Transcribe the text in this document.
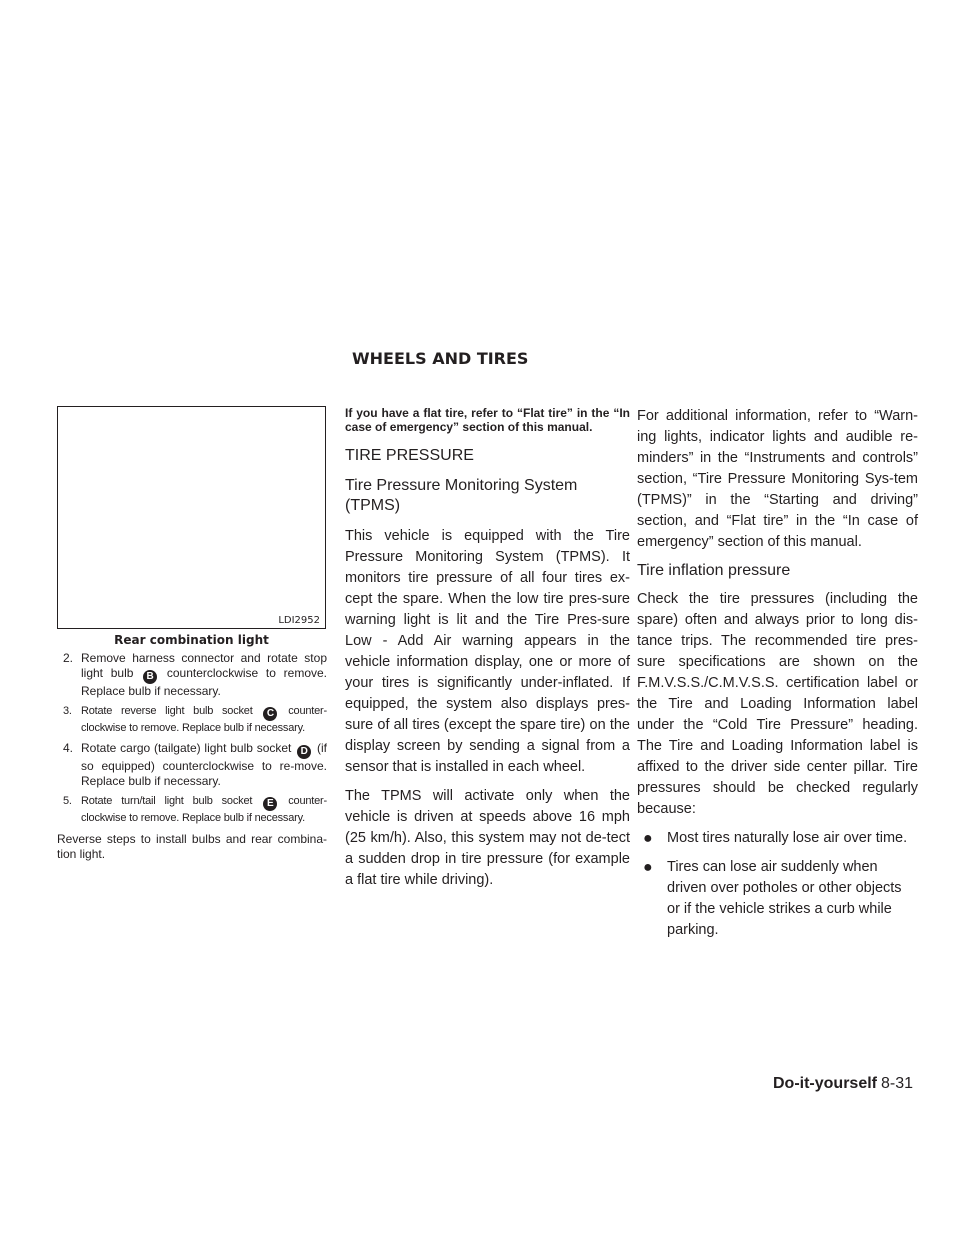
WHEELS AND TIRES
LDI2952
Rear combination light
2. Remove harness connector and rotate stop light bulb B counterclockwise to remove. Replace bulb if necessary.
3. Rotate reverse light bulb socket C counter-clockwise to remove. Replace bulb if necessary.
4. Rotate cargo (tailgate) light bulb socket D (if so equipped) counterclockwise to re-move. Replace bulb if necessary.
5. Rotate turn/tail light bulb socket E counter-clockwise to remove. Replace bulb if necessary.
Reverse steps to install bulbs and rear combina-tion light.

If you have a flat tire, refer to “Flat tire” in the “In case of emergency” section of this manual.

TIRE PRESSURE
Tire Pressure Monitoring System (TPMS)

This vehicle is equipped with the Tire Pressure Monitoring System (TPMS). It monitors tire pressure of all four tires ex-cept the spare. When the low tire pres-sure warning light is lit and the Tire Pres-sure Low - Add Air warning appears in the vehicle information display, one or more of your tires is significantly under-inflated. If equipped, the system also displays pres-sure of all tires (except the spare tire) on the display screen by sending a signal from a sensor that is installed in each wheel.

The TPMS will activate only when the vehicle is driven at speeds above 16 mph (25 km/h). Also, this system may not de-tect a sudden drop in tire pressure (for example a flat tire while driving).

For additional information, refer to “Warn-ing lights, indicator lights and audible re-minders” in the “Instruments and controls” section, “Tire Pressure Monitoring Sys-tem (TPMS)” in the “Starting and driving” section, and “Flat tire” in the “In case of emergency” section of this manual.

Tire inflation pressure

Check the tire pressures (including the spare) often and always prior to long dis-tance trips. The recommended tire pres-sure specifications are shown on the F.M.V.S.S./C.M.V.S.S. certification label or the Tire and Loading Information label under the “Cold Tire Pressure” heading. The Tire and Loading Information label is affixed to the driver side center pillar. Tire pressures should be checked regularly because:

● Most tires naturally lose air over time.
● Tires can lose air suddenly when driven over potholes or other objects or if the vehicle strikes a curb while parking.
Do-it-yourself 8-31
